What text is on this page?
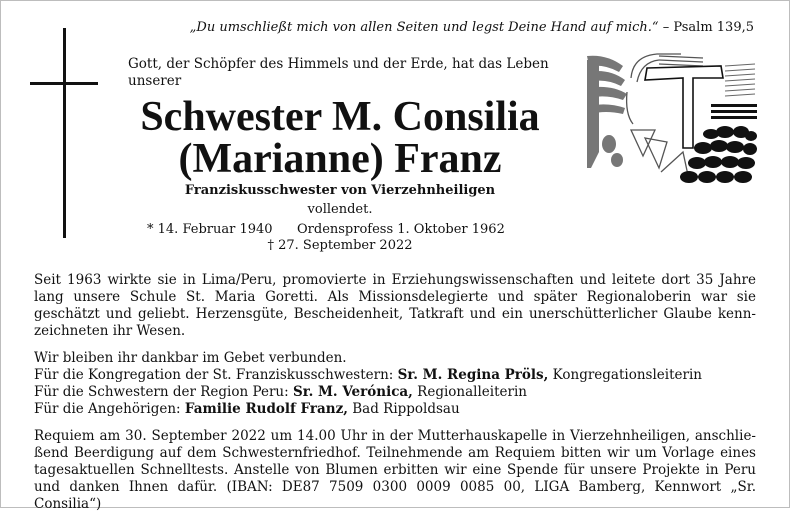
„Du umschließt mich von allen Seiten und legst Deine Hand auf mich.“ – Psalm 139,5
Gott, der Schöpfer des Himmels und der Erde, hat das Leben
unserer
Schwester M. Consilia
(Marianne) Franz
Franziskusschwester von Vierzehnheiligen
vollendet.
* 14. Februar 1940 Ordensprofess 1. Oktober 1962
† 27. September 2022
Seit 1963 wirkte sie in Lima/Peru, promovierte in Erziehungswissenschaften und leitete dort 35 Jahre
lang unsere Schule St. Maria Goretti. Als Missionsdelegierte und später Regionaloberin war sie
geschätzt und geliebt. Herzensgüte, Bescheidenheit, Tatkraft und ein unerschütterlicher Glaube kenn-
zeichneten ihr Wesen.
Wir bleiben ihr dankbar im Gebet verbunden.
Für die Kongregation der St. Franziskusschwestern: Sr. M. Regina Pröls, Kongregationsleiterin
Für die Schwestern der Region Peru: Sr. M. Verónica, Regionalleiterin
Für die Angehörigen: Familie Rudolf Franz, Bad Rippoldsau
Requiem am 30. September 2022 um 14.00 Uhr in der Mutterhauskapelle in Vierzehnheiligen, anschlie-
ßend Beerdigung auf dem Schwesternfriedhof. Teilnehmende am Requiem bitten wir um Vorlage eines
tagesaktuellen Schnelltests. Anstelle von Blumen erbitten wir eine Spende für unsere Projekte in Peru
und danken Ihnen dafür. (IBAN: DE87 7509 0300 0009 0085 00, LIGA Bamberg, Kennwort „Sr. Consilia“)
